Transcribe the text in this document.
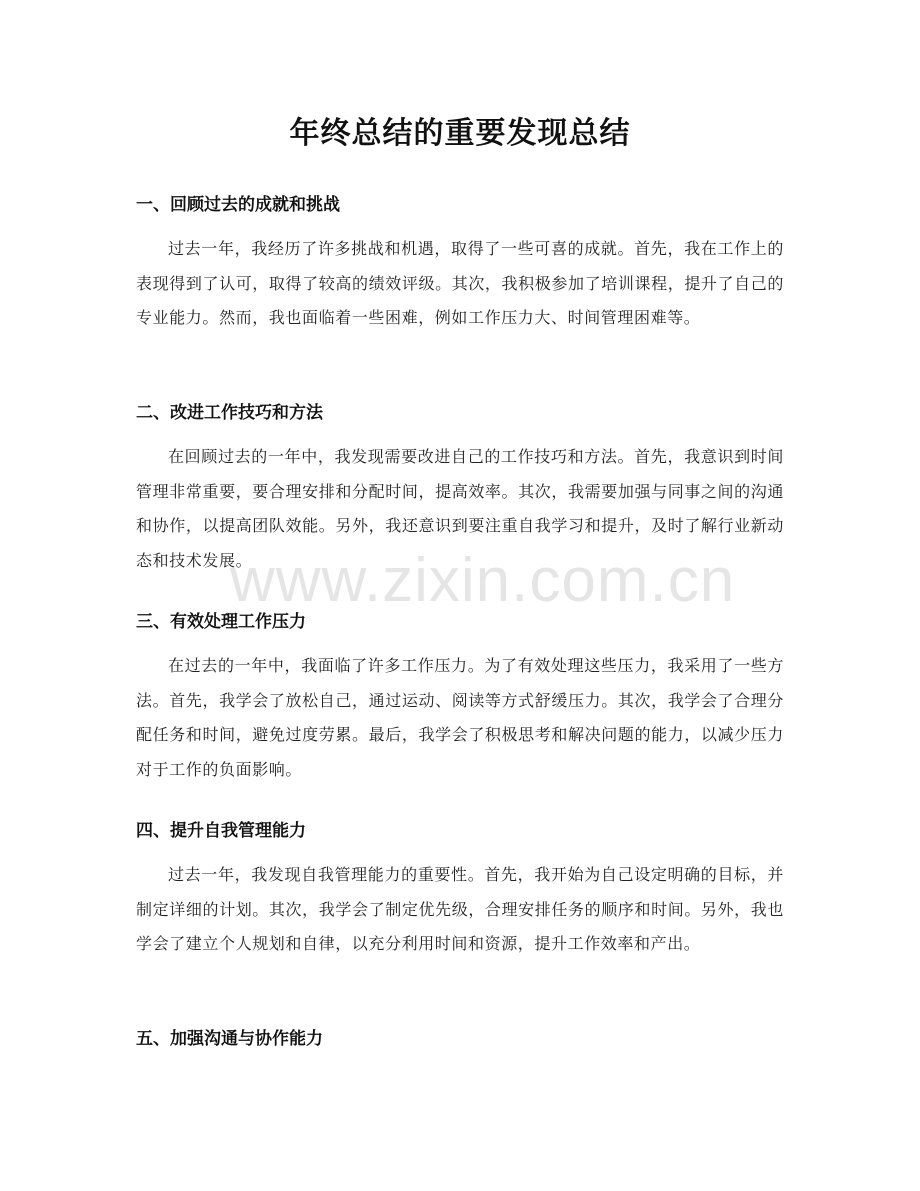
年终总结的重要发现总结
一、回顾过去的成就和挑战
过去一年，我经历了许多挑战和机遇，取得了一些可喜的成就。首先，我在工作上的表现得到了认可，取得了较高的绩效评级。其次，我积极参加了培训课程，提升了自己的专业能力。然而，我也面临着一些困难，例如工作压力大、时间管理困难等。
二、改进工作技巧和方法
在回顾过去的一年中，我发现需要改进自己的工作技巧和方法。首先，我意识到时间管理非常重要，要合理安排和分配时间，提高效率。其次，我需要加强与同事之间的沟通和协作，以提高团队效能。另外，我还意识到要注重自我学习和提升，及时了解行业新动态和技术发展。
三、有效处理工作压力
在过去的一年中，我面临了许多工作压力。为了有效处理这些压力，我采用了一些方法。首先，我学会了放松自己，通过运动、阅读等方式舒缓压力。其次，我学会了合理分配任务和时间，避免过度劳累。最后，我学会了积极思考和解决问题的能力，以减少压力对于工作的负面影响。
四、提升自我管理能力
过去一年，我发现自我管理能力的重要性。首先，我开始为自己设定明确的目标，并制定详细的计划。其次，我学会了制定优先级，合理安排任务的顺序和时间。另外，我也学会了建立个人规划和自律，以充分利用时间和资源，提升工作效率和产出。
五、加强沟通与协作能力
www.zixin.com.cn
